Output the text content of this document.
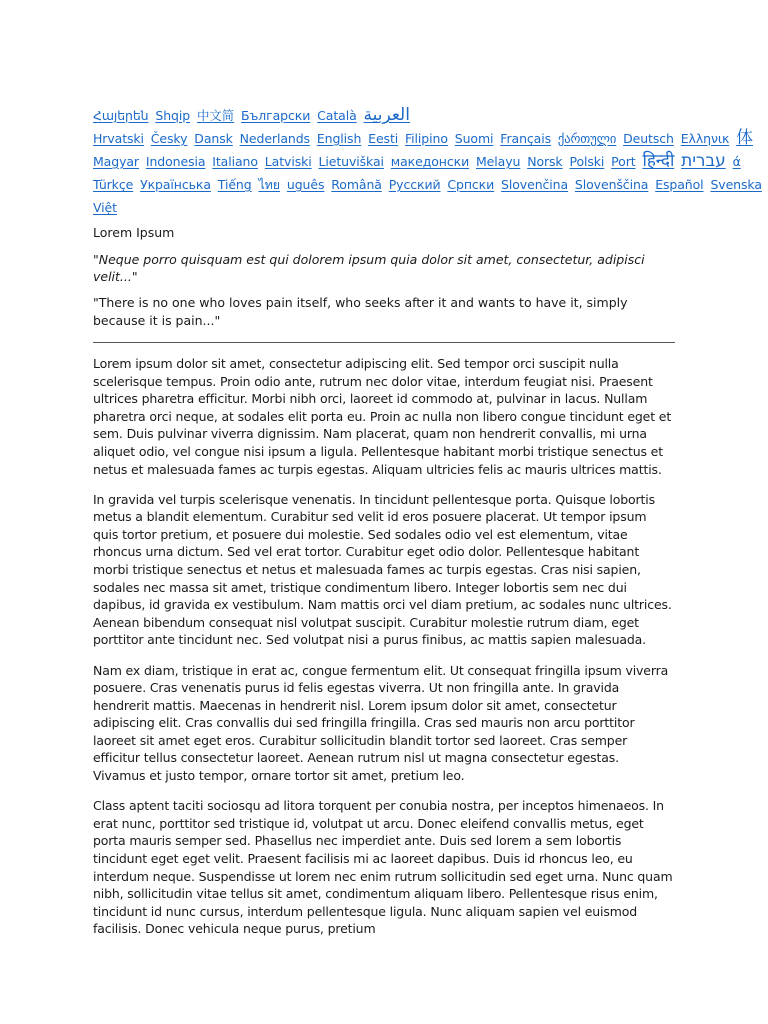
Հայերեն Shqip 中文简 Български Català العربية
Hrvatski Česky Dansk Nederlands English Eesti Filipino Suomi Français ქართული Deutsch Ελληνικ 体
Magyar Indonesia Italiano Latviski Lietuviškai македонски Melayu Norsk Polski Port हिन्दी עברית ά
Türkçe Українська Tiếng ไทย uguês Română Русский Српски Slovenčina Slovenščina Español Svenska
Việt
Lorem Ipsum
"Neque porro quisquam est qui dolorem ipsum quia dolor sit amet, consectetur, adipisci velit..."
"There is no one who loves pain itself, who seeks after it and wants to have it, simply because it is pain..."

Lorem ipsum dolor sit amet, consectetur adipiscing elit. Sed tempor orci suscipit nulla scelerisque tempus. Proin odio ante, rutrum nec dolor vitae, interdum feugiat nisi. Praesent ultrices pharetra efficitur. Morbi nibh orci, laoreet id commodo at, pulvinar in lacus. Nullam pharetra orci neque, at sodales elit porta eu. Proin ac nulla non libero congue tincidunt eget et sem. Duis pulvinar viverra dignissim. Nam placerat, quam non hendrerit convallis, mi urna aliquet odio, vel congue nisi ipsum a ligula. Pellentesque habitant morbi tristique senectus et netus et malesuada fames ac turpis egestas. Aliquam ultricies felis ac mauris ultrices mattis.

In gravida vel turpis scelerisque venenatis. In tincidunt pellentesque porta. Quisque lobortis metus a blandit elementum. Curabitur sed velit id eros posuere placerat. Ut tempor ipsum quis tortor pretium, et posuere dui molestie. Sed sodales odio vel est elementum, vitae rhoncus urna dictum. Sed vel erat tortor. Curabitur eget odio dolor. Pellentesque habitant morbi tristique senectus et netus et malesuada fames ac turpis egestas. Cras nisi sapien, sodales nec massa sit amet, tristique condimentum libero. Integer lobortis sem nec dui dapibus, id gravida ex vestibulum. Nam mattis orci vel diam pretium, ac sodales nunc ultrices. Aenean bibendum consequat nisl volutpat suscipit. Curabitur molestie rutrum diam, eget porttitor ante tincidunt nec. Sed volutpat nisi a purus finibus, ac mattis sapien malesuada.

Nam ex diam, tristique in erat ac, congue fermentum elit. Ut consequat fringilla ipsum viverra posuere. Cras venenatis purus id felis egestas viverra. Ut non fringilla ante. In gravida hendrerit mattis. Maecenas in hendrerit nisl. Lorem ipsum dolor sit amet, consectetur adipiscing elit. Cras convallis dui sed fringilla fringilla. Cras sed mauris non arcu porttitor laoreet sit amet eget eros. Curabitur sollicitudin blandit tortor sed laoreet. Cras semper efficitur tellus consectetur laoreet. Aenean rutrum nisl ut magna consectetur egestas. Vivamus et justo tempor, ornare tortor sit amet, pretium leo.

Class aptent taciti sociosqu ad litora torquent per conubia nostra, per inceptos himenaeos. In erat nunc, porttitor sed tristique id, volutpat ut arcu. Donec eleifend convallis metus, eget porta mauris semper sed. Phasellus nec imperdiet ante. Duis sed lorem a sem lobortis tincidunt eget eget velit. Praesent facilisis mi ac laoreet dapibus. Duis id rhoncus leo, eu interdum neque. Suspendisse ut lorem nec enim rutrum sollicitudin sed eget urna. Nunc quam nibh, sollicitudin vitae tellus sit amet, condimentum aliquam libero. Pellentesque risus enim, tincidunt id nunc cursus, interdum pellentesque ligula. Nunc aliquam sapien vel euismod facilisis. Donec vehicula neque purus, pretium
